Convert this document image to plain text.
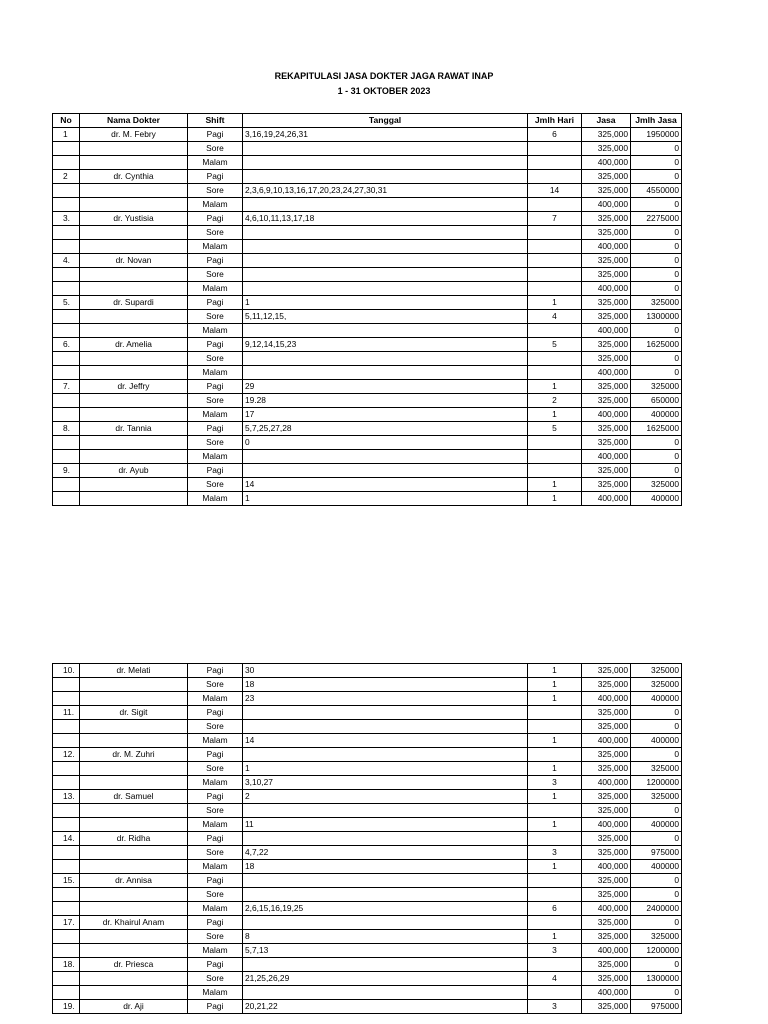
REKAPITULASI JASA DOKTER JAGA RAWAT INAP
1 - 31 OKTOBER 2023
No	Nama Dokter	Shift	Tanggal	Jmlh Hari	Jasa	Jmlh Jasa
1	dr. M. Febry	Pagi	3,16,19,24,26,31	6	325,000	1950000
		Sore			325,000	0
		Malam			400,000	0
2	dr. Cynthia	Pagi			325,000	0
		Sore	2,3,6,9,10,13,16,17,20,23,24,27,30,31	14	325,000	4550000
		Malam			400,000	0
3.	dr. Yustisia	Pagi	4,6,10,11,13,17,18	7	325,000	2275000
		Sore			325,000	0
		Malam			400,000	0
4.	dr. Novan	Pagi			325,000	0
		Sore			325,000	0
		Malam			400,000	0
5.	dr. Supardi	Pagi	1	1	325,000	325000
		Sore	5,11,12,15,	4	325,000	1300000
		Malam			400,000	0
6.	dr. Amelia	Pagi	9,12,14,15,23	5	325,000	1625000
		Sore			325,000	0
		Malam			400,000	0
7.	dr. Jeffry	Pagi	29	1	325,000	325000
		Sore	19.28	2	325,000	650000
		Malam	17	1	400,000	400000
8.	dr. Tannia	Pagi	5,7,25,27,28	5	325,000	1625000
		Sore	0		325,000	0
		Malam			400,000	0
9.	dr. Ayub	Pagi			325,000	0
		Sore	14	1	325,000	325000
		Malam	1	1	400,000	400000
10.	dr. Melati	Pagi	30	1	325,000	325000
		Sore	18	1	325,000	325000
		Malam	23	1	400,000	400000
11.	dr. Sigit	Pagi			325,000	0
		Sore			325,000	0
		Malam	14	1	400,000	400000
12.	dr. M. Zuhri	Pagi			325,000	0
		Sore	1	1	325,000	325000
		Malam	3,10,27	3	400,000	1200000
13.	dr. Samuel	Pagi	2	1	325,000	325000
		Sore			325,000	0
		Malam	11	1	400,000	400000
14.	dr. Ridha	Pagi			325,000	0
		Sore	4,7,22	3	325,000	975000
		Malam	18	1	400,000	400000
15.	dr. Annisa	Pagi			325,000	0
		Sore			325,000	0
		Malam	2,6,15,16,19,25	6	400,000	2400000
17.	dr. Khairul Anam	Pagi			325,000	0
		Sore	8	1	325,000	325000
		Malam	5,7,13	3	400,000	1200000
18.	dr. Priesca	Pagi			325,000	0
		Sore	21,25,26,29	4	325,000	1300000
		Malam			400,000	0
19.	dr. Aji	Pagi	20,21,22	3	325,000	975000
